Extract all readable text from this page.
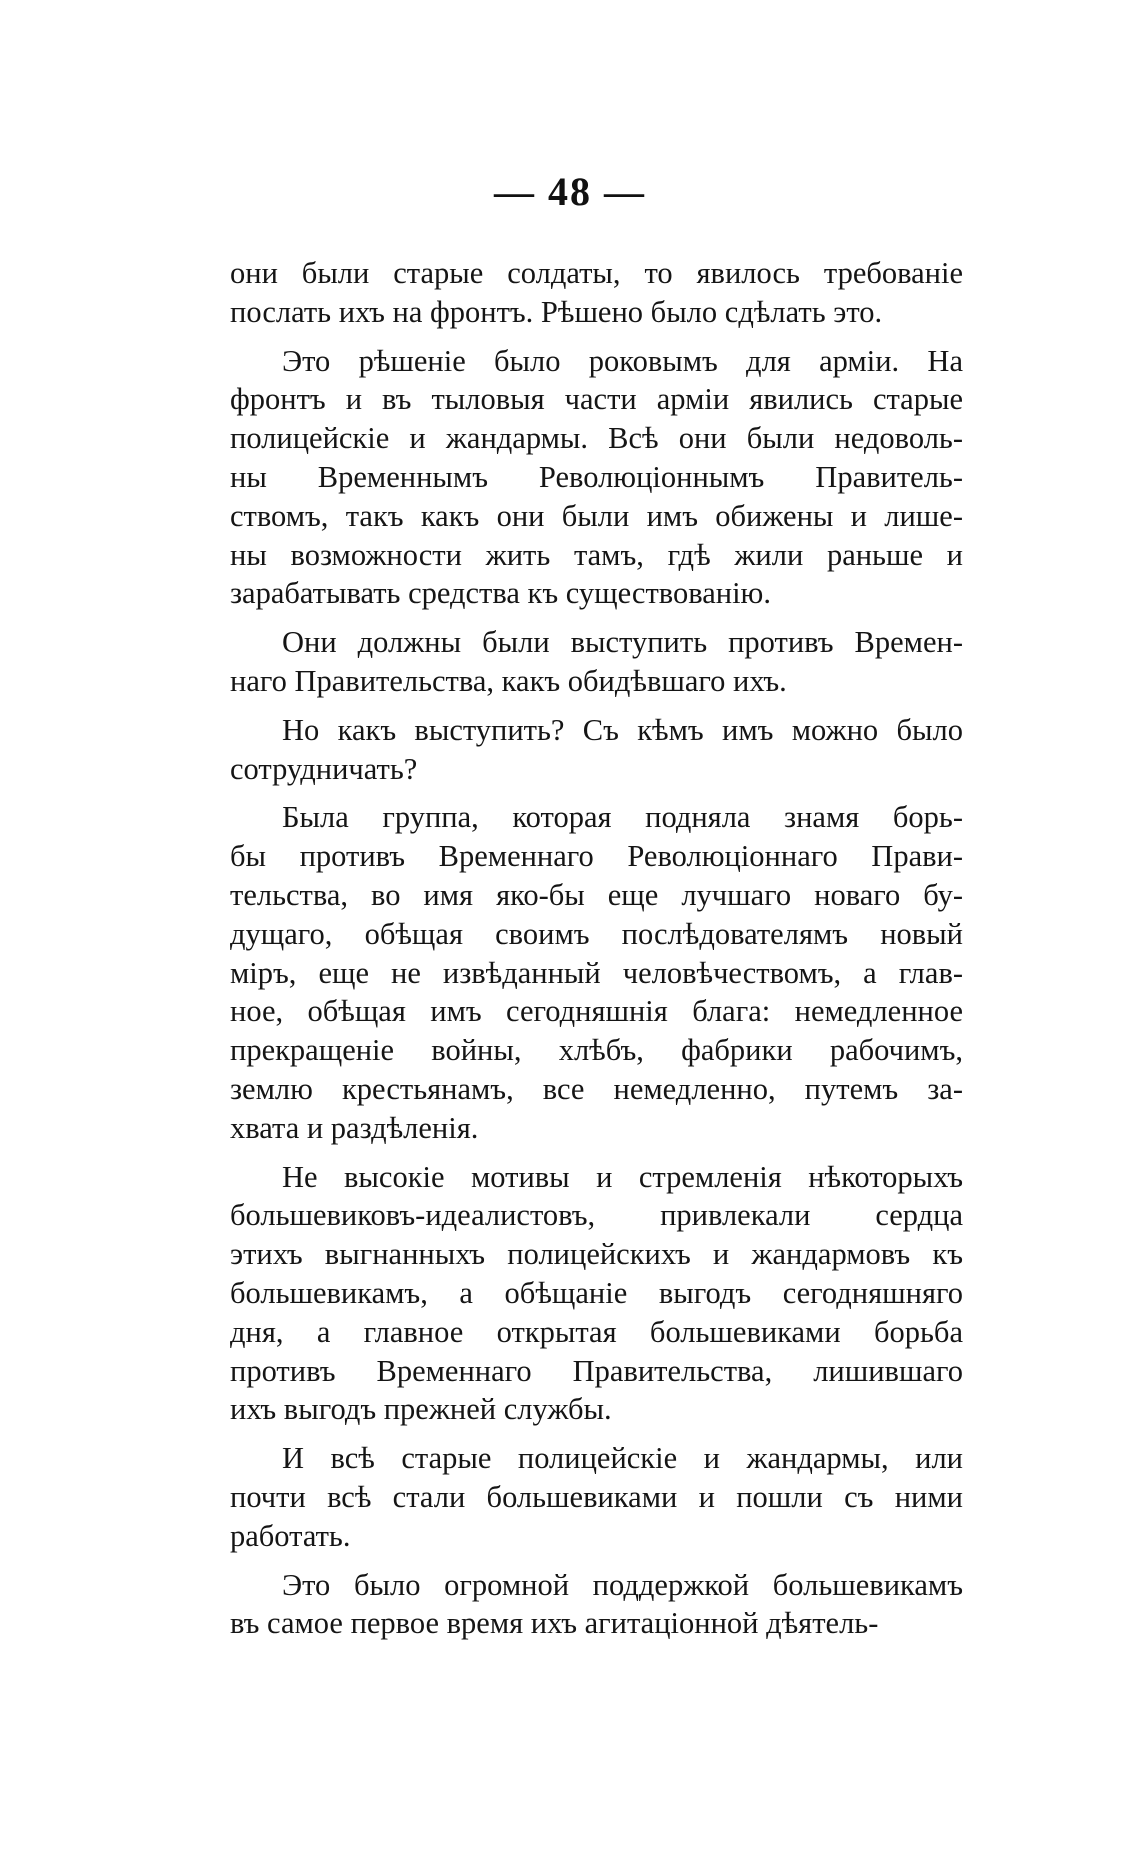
— 48 —

они были старые солдаты, то явилось требованіе
послать ихъ на фронтъ. Рѣшено было сдѣлать это.

Это рѣшеніе было роковымъ для арміи. На
фронтъ и въ тыловыя части арміи явились старые
полицейскіе и жандармы. Всѣ они были недоволь-
ны Временнымъ Революціоннымъ Правитель-
ствомъ, такъ какъ они были имъ обижены и лише-
ны возможности жить тамъ, гдѣ жили раньше и
зарабатывать средства къ существованію.

Они должны были выступить противъ Времен-
наго Правительства, какъ обидѣвшаго ихъ.

Но какъ выступить? Съ кѣмъ имъ можно было
сотрудничать?

Была группа, которая подняла знамя борь-
бы противъ Временнаго Революціоннаго Прави-
тельства, во имя яко-бы еще лучшаго новаго бу-
дущаго, обѣщая своимъ послѣдователямъ новый
міръ, еще не извѣданный человѣчествомъ, а глав-
ное, обѣщая имъ сегодняшнія блага: немедленное
прекращеніе войны, хлѣбъ, фабрики рабочимъ,
землю крестьянамъ, все немедленно, путемъ за-
хвата и раздѣленія.

Не высокіе мотивы и стремленія нѣкоторыхъ
большевиковъ-идеалистовъ, привлекали сердца
этихъ выгнанныхъ полицейскихъ и жандармовъ къ
большевикамъ, а обѣщаніе выгодъ сегодняшняго
дня, а главное открытая большевиками борьба
противъ Временнаго Правительства, лишившаго
ихъ выгодъ прежней службы.

И всѣ старые полицейскіе и жандармы, или
почти всѣ стали большевиками и пошли съ ними
работать.

Это было огромной поддержкой большевикамъ
въ самое первое время ихъ агитаціонной дѣятель-
